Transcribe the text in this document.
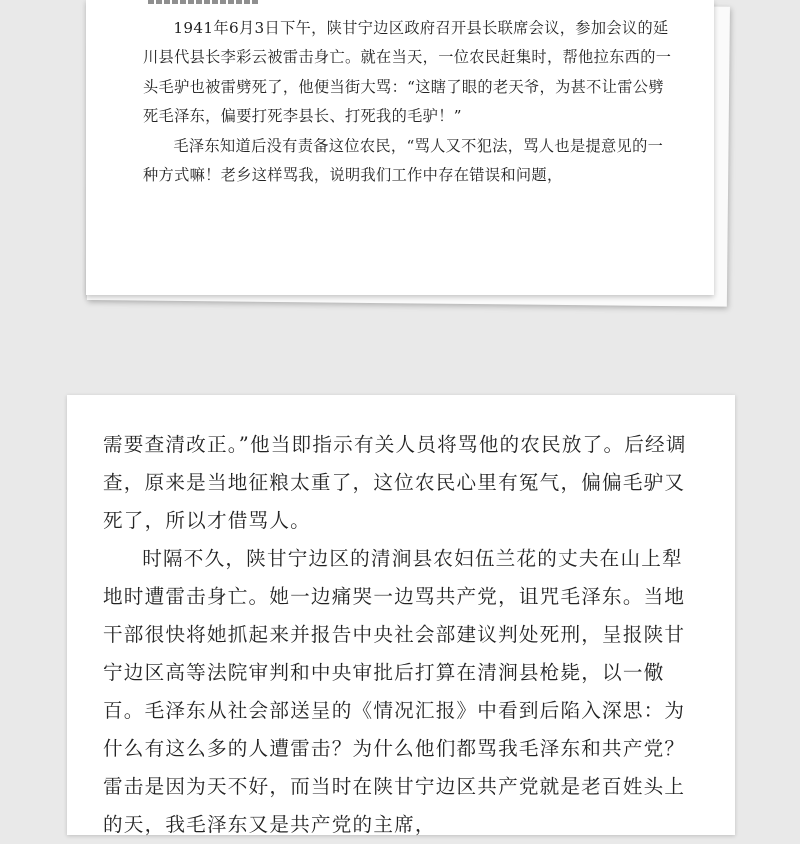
1941年6月3日下午，陕甘宁边区政府召开县长联席会议，参加会议的延川县代县长李彩云被雷击身亡。就在当天，一位农民赶集时，帮他拉东西的一头毛驴也被雷劈死了，他便当街大骂：“这瞎了眼的老天爷，为甚不让雷公劈死毛泽东，偏要打死李县长、打死我的毛驴！”

毛泽东知道后没有责备这位农民，“骂人又不犯法，骂人也是提意见的一种方式嘛！老乡这样骂我，说明我们工作中存在错误和问题，

需要查清改正。”他当即指示有关人员将骂他的农民放了。后经调查，原来是当地征粮太重了，这位农民心里有冤气，偏偏毛驴又死了，所以才借骂人。

时隔不久，陕甘宁边区的清涧县农妇伍兰花的丈夫在山上犁地时遭雷击身亡。她一边痛哭一边骂共产党，诅咒毛泽东。当地干部很快将她抓起来并报告中央社会部建议判处死刑，呈报陕甘宁边区高等法院审判和中央审批后打算在清涧县枪毙，以一儆百。毛泽东从社会部送呈的《情况汇报》中看到后陷入深思：为什么有这么多的人遭雷击？为什么他们都骂我毛泽东和共产党？雷击是因为天不好，而当时在陕甘宁边区共产党就是老百姓头上的天，我毛泽东又是共产党的主席，
